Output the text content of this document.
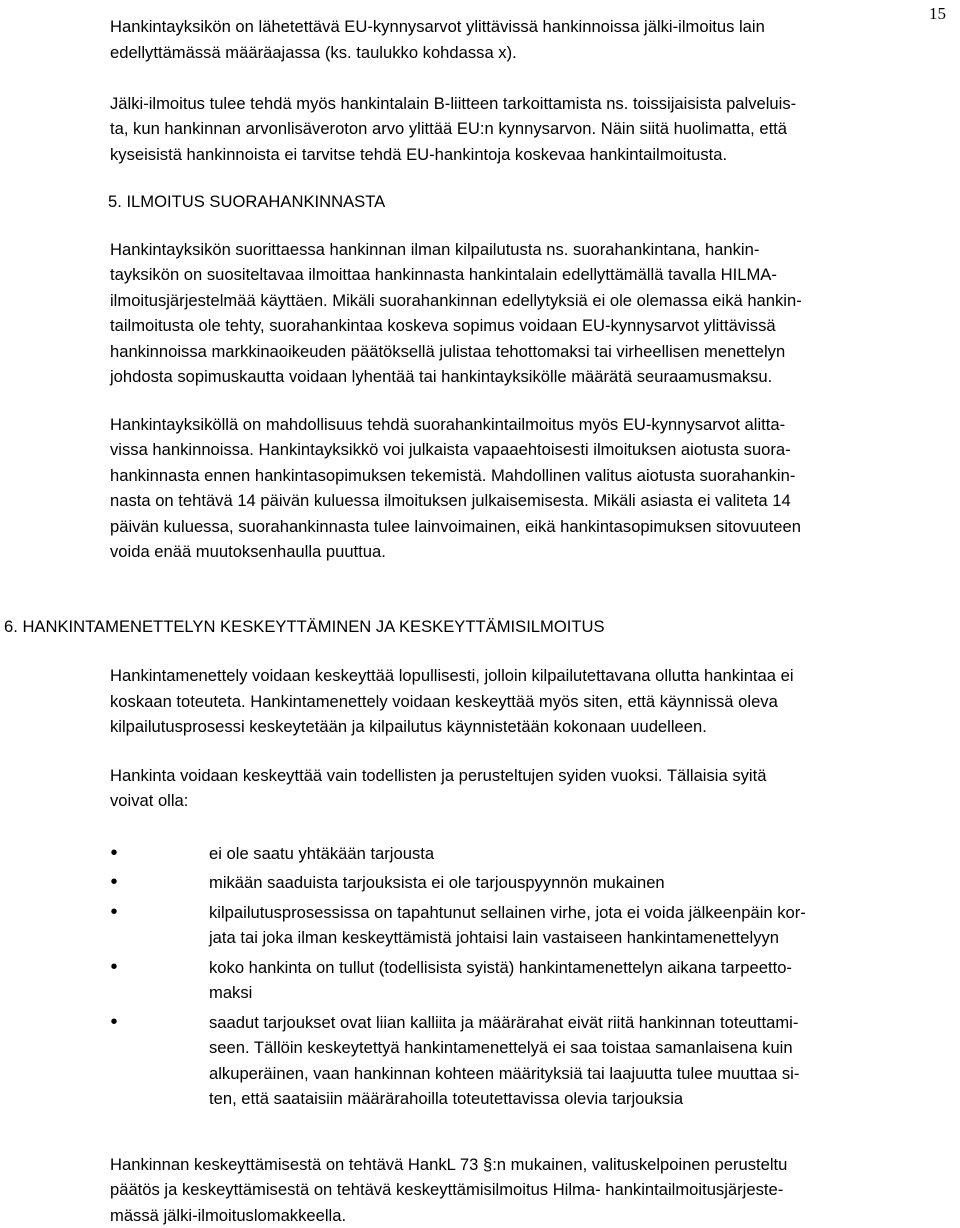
15

Hankintayksikön on lähetettävä EU-kynnysarvot ylittävissä hankinnoissa jälki-ilmoitus lain

edellyttämässä määräajassa (ks. taulukko kohdassa x).

Jälki-ilmoitus tulee tehdä myös hankintalain B-liitteen tarkoittamista ns. toissijaisista palveluis-

ta, kun hankinnan arvonlisäveroton arvo ylittää EU:n kynnysarvon. Näin siitä huolimatta, että

kyseisistä hankinnoista ei tarvitse tehdä EU-hankintoja koskevaa hankintailmoitusta.

5. ILMOITUS SUORAHANKINNASTA

Hankintayksikön suorittaessa hankinnan ilman kilpailutusta ns. suorahankintana, hankin-

tayksikön on suositeltavaa ilmoittaa hankinnasta hankintalain edellyttämällä tavalla HILMA-

ilmoitusjärjestelmää käyttäen. Mikäli suorahankinnan edellytyksiä ei ole olemassa eikä hankin-

tailmoitusta ole tehty, suorahankintaa koskeva sopimus voidaan EU-kynnysarvot ylittävissä

hankinnoissa markkinaoikeuden päätöksellä julistaa tehottomaksi tai virheellisen menettelyn

johdosta sopimuskautta voidaan lyhentää tai hankintayksikölle määrätä seuraamusmaksu.

Hankintayksiköllä on mahdollisuus tehdä suorahankintailmoitus myös EU-kynnysarvot alitta-

vissa hankinnoissa. Hankintayksikkö voi julkaista vapaaehtoisesti ilmoituksen aiotusta suora-

hankinnasta ennen hankintasopimuksen tekemistä. Mahdollinen valitus aiotusta suorahankin-

nasta on tehtävä 14 päivän kuluessa ilmoituksen julkaisemisesta. Mikäli asiasta ei valiteta 14

päivän kuluessa, suorahankinnasta tulee lainvoimainen, eikä hankintasopimuksen sitovuuteen

voida enää muutoksenhaulla puuttua.

6. HANKINTAMENETTELYN KESKEYTTÄMINEN JA KESKEYTTÄMISILMOITUS

Hankintamenettely voidaan keskeyttää lopullisesti, jolloin kilpailutettavana ollutta hankintaa ei

koskaan toteuteta. Hankintamenettely voidaan keskeyttää myös siten, että käynnissä oleva

kilpailutusprosessi keskeytetään ja kilpailutus käynnistetään kokonaan uudelleen.

Hankinta voidaan keskeyttää vain todellisten ja perusteltujen syiden vuoksi. Tällaisia syitä

voivat olla:

•	ei ole saatu yhtäkään tarjousta

•	mikään saaduista tarjouksista ei ole tarjouspyynnön mukainen

•	kilpailutusprosessissa on tapahtunut sellainen virhe, jota ei voida jälkeenpäin kor-

jata tai joka ilman keskeyttämistä johtaisi lain vastaiseen hankintamenettelyyn

•	koko hankinta on tullut (todellisista syistä) hankintamenettelyn aikana tarpeetto-

maksi

•	saadut tarjoukset ovat liian kalliita ja määrärahat eivät riitä hankinnan toteuttami-

seen. Tällöin keskeytettyä hankintamenettelyä ei saa toistaa samanlaisena kuin

alkuperäinen, vaan hankinnan kohteen määrityksiä tai laajuutta tulee muuttaa si-

ten, että saataisiin määrärahoilla toteutettavissa olevia tarjouksia

Hankinnan keskeyttämisestä on tehtävä HankL 73 §:n mukainen, valituskelpoinen perusteltu

päätös ja keskeyttämisestä on tehtävä keskeyttämisilmoitus Hilma- hankintailmoitusjärjeste-

mässä jälki-ilmoituslomakkeella.
